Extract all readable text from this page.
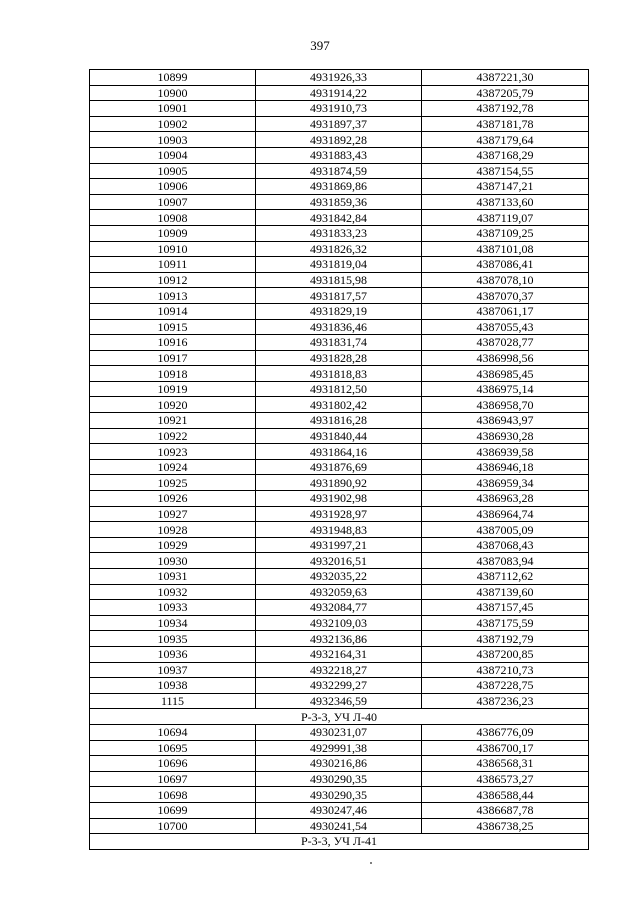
397
10899	4931926,33	4387221,30
10900	4931914,22	4387205,79
10901	4931910,73	4387192,78
10902	4931897,37	4387181,78
10903	4931892,28	4387179,64
10904	4931883,43	4387168,29
10905	4931874,59	4387154,55
10906	4931869,86	4387147,21
10907	4931859,36	4387133,60
10908	4931842,84	4387119,07
10909	4931833,23	4387109,25
10910	4931826,32	4387101,08
10911	4931819,04	4387086,41
10912	4931815,98	4387078,10
10913	4931817,57	4387070,37
10914	4931829,19	4387061,17
10915	4931836,46	4387055,43
10916	4931831,74	4387028,77
10917	4931828,28	4386998,56
10918	4931818,83	4386985,45
10919	4931812,50	4386975,14
10920	4931802,42	4386958,70
10921	4931816,28	4386943,97
10922	4931840,44	4386930,28
10923	4931864,16	4386939,58
10924	4931876,69	4386946,18
10925	4931890,92	4386959,34
10926	4931902,98	4386963,28
10927	4931928,97	4386964,74
10928	4931948,83	4387005,09
10929	4931997,21	4387068,43
10930	4932016,51	4387083,94
10931	4932035,22	4387112,62
10932	4932059,63	4387139,60
10933	4932084,77	4387157,45
10934	4932109,03	4387175,59
10935	4932136,86	4387192,79
10936	4932164,31	4387200,85
10937	4932218,27	4387210,73
10938	4932299,27	4387228,75
1115	4932346,59	4387236,23
Р-3-3, УЧ Л-40		
10694	4930231,07	4386776,09
10695	4929991,38	4386700,17
10696	4930216,86	4386568,31
10697	4930290,35	4386573,27
10698	4930290,35	4386588,44
10699	4930247,46	4386687,78
10700	4930241,54	4386738,25
Р-3-3, УЧ Л-41		
